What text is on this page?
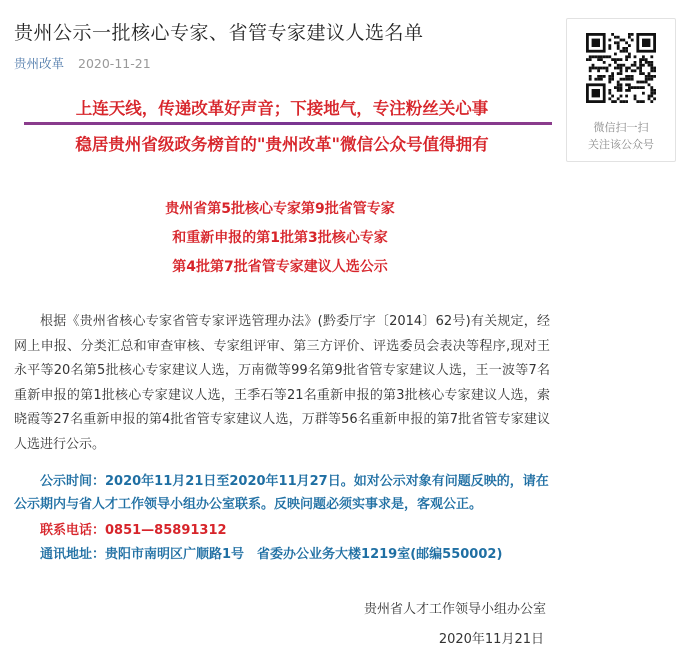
贵州公示一批核心专家、省管专家建议人选名单
贵州改革 2020-11-21
微信扫一扫
关注该公众号
上连天线，传递改革好声音；下接地气，专注粉丝关心事
稳居贵州省级政务榜首的"贵州改革"微信公众号值得拥有
贵州省第5批核心专家第9批省管专家
和重新申报的第1批第3批核心专家
第4批第7批省管专家建议人选公示

根据《贵州省核心专家省管专家评选管理办法》(黔委厅字〔2014〕62号)有关规定，经网上申报、分类汇总和审查审核、专家组评审、第三方评价、评选委员会表决等程序,现对王永平等20名第5批核心专家建议人选，万南微等99名第9批省管专家建议人选，王一波等7名重新申报的第1批核心专家建议人选，王季石等21名重新申报的第3批核心专家建议人选，索晓霞等27名重新申报的第4批省管专家建议人选，万群等56名重新申报的第7批省管专家建议人选进行公示。

公示时间：2020年11月21日至2020年11月27日。如对公示对象有问题反映的，请在公示期内与省人才工作领导小组办公室联系。反映问题必须实事求是，客观公正。

联系电话：0851—85891312

通讯地址：贵阳市南明区广顺路1号　省委办公业务大楼1219室(邮编550002)

贵州省人才工作领导小组办公室
2020年11月21日
